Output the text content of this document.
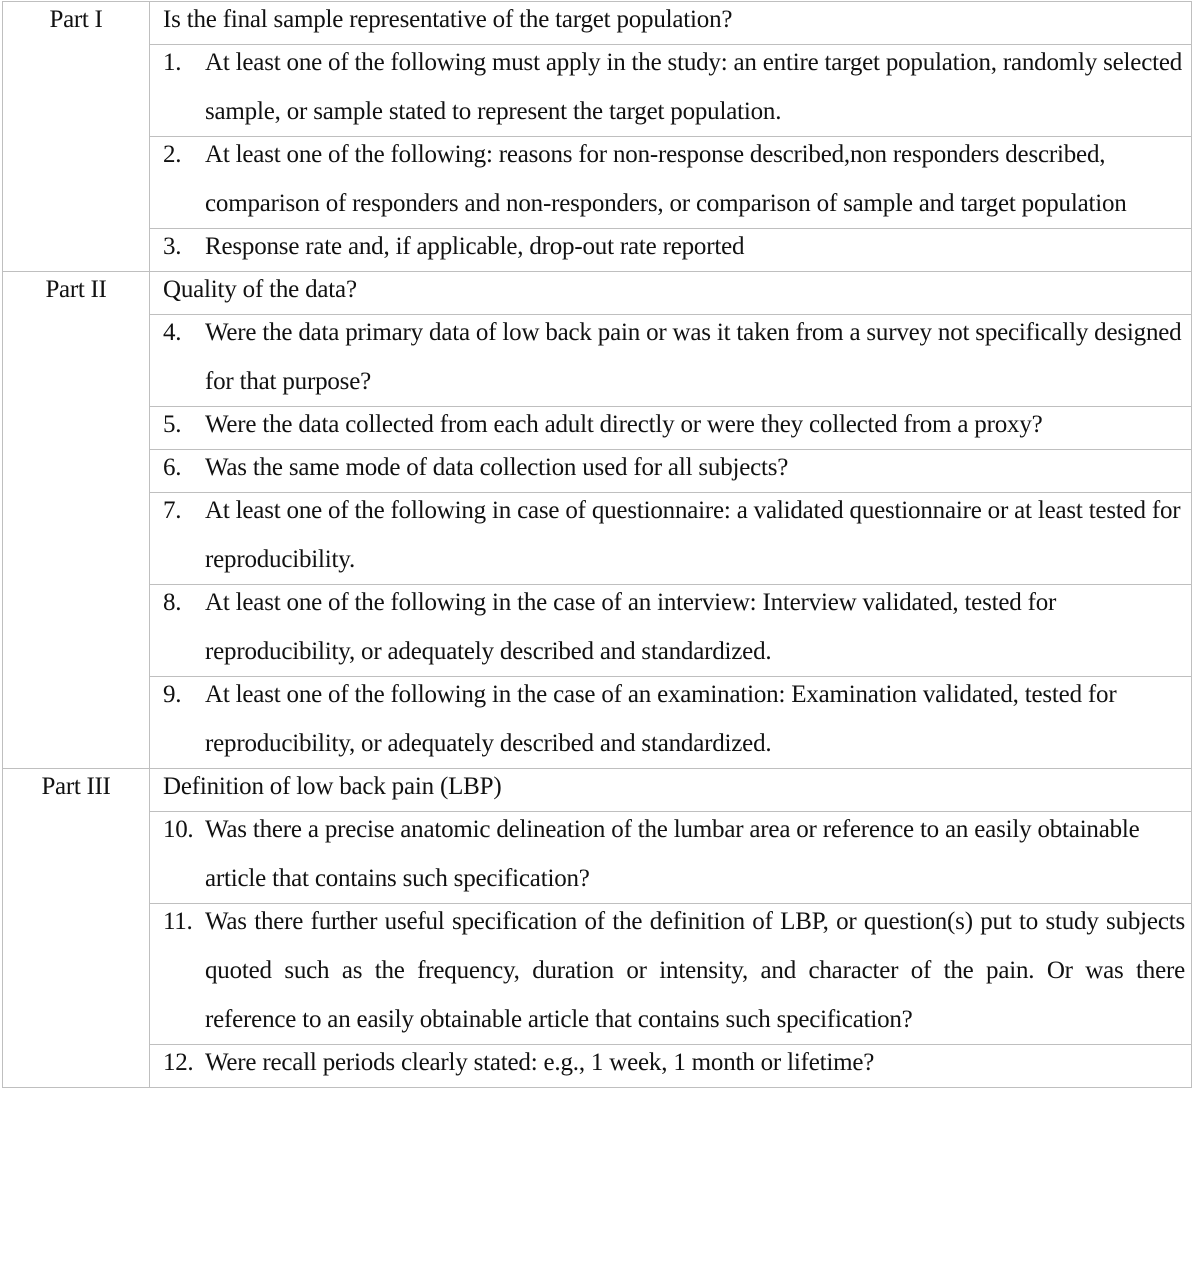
Part I	Is the final sample representative of the target population?

	1. At least one of the following must apply in the study: an entire target population, randomly selected sample, or sample stated to represent the target population.

	2. At least one of the following: reasons for non-response described,non responders described, comparison of responders and non-responders, or comparison of sample and target population

	3. Response rate and, if applicable, drop-out rate reported

Part II	Quality of the data?

	4. Were the data primary data of low back pain or was it taken from a survey not specifically designed for that purpose?

	5. Were the data collected from each adult directly or were they collected from a proxy?

	6. Was the same mode of data collection used for all subjects?

	7. At least one of the following in case of questionnaire: a validated questionnaire or at least tested for reproducibility.

	8. At least one of the following in the case of an interview: Interview validated, tested for reproducibility, or adequately described and standardized.

	9. At least one of the following in the case of an examination: Examination validated, tested for reproducibility, or adequately described and standardized.

Part III	Definition of low back pain (LBP)

	10. Was there a precise anatomic delineation of the lumbar area or reference to an easily obtainable article that contains such specification?

	11. Was there further useful specification of the definition of LBP, or question(s) put to study subjects quoted such as the frequency, duration or intensity, and character of the pain. Or was there reference to an easily obtainable article that contains such specification?

	12. Were recall periods clearly stated: e.g., 1 week, 1 month or lifetime?
